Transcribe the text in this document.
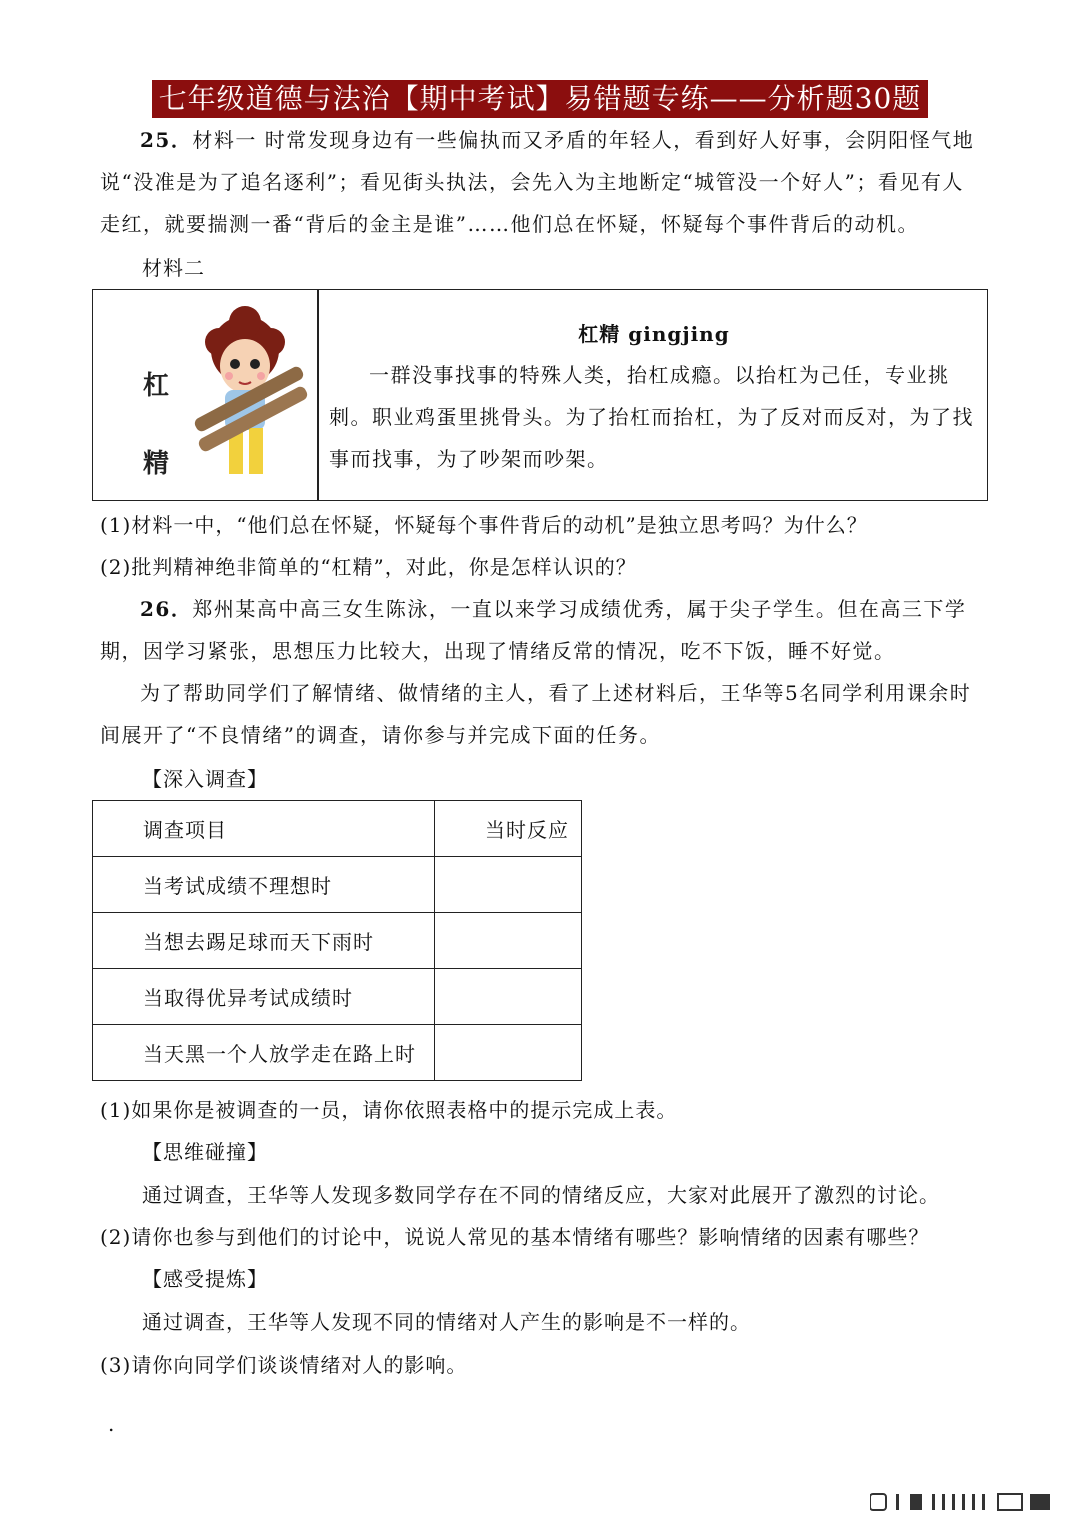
七年级道德与法治【期中考试】易错题专练——分析题30题
25．材料一 时常发现身边有一些偏执而又矛盾的年轻人，看到好人好事，会阴阳怪气地说“没准是为了追名逐利”；看见街头执法，会先入为主地断定“城管没一个好人”；看见有人走红，就要揣测一番“背后的金主是谁”……他们总在怀疑，怀疑每个事件背后的动机。
材料二
杠
精
杠精 gingjing
一群没事找事的特殊人类，抬杠成瘾。以抬杠为己任，专业挑刺。职业鸡蛋里挑骨头。为了抬杠而抬杠，为了反对而反对，为了找事而找事，为了吵架而吵架。
(1)材料一中，“他们总在怀疑，怀疑每个事件背后的动机”是独立思考吗？为什么？
(2)批判精神绝非简单的“杠精”，对此，你是怎样认识的？
26．郑州某高中高三女生陈泳，一直以来学习成绩优秀，属于尖子学生。但在高三下学期，因学习紧张，思想压力比较大，出现了情绪反常的情况，吃不下饭，睡不好觉。
为了帮助同学们了解情绪、做情绪的主人，看了上述材料后，王华等5名同学利用课余时间展开了“不良情绪”的调查，请你参与并完成下面的任务。
【深入调查】
调查项目	当时反应
当考试成绩不理想时	
当想去踢足球而天下雨时	
当取得优异考试成绩时	
当天黑一个人放学走在路上时	
(1)如果你是被调查的一员，请你依照表格中的提示完成上表。
【思维碰撞】
通过调查，王华等人发现多数同学存在不同的情绪反应，大家对此展开了激烈的讨论。
(2)请你也参与到他们的讨论中，说说人常见的基本情绪有哪些？影响情绪的因素有哪些？
【感受提炼】
通过调查，王华等人发现不同的情绪对人产生的影响是不一样的。
(3)请你向同学们谈谈情绪对人的影响。
.
